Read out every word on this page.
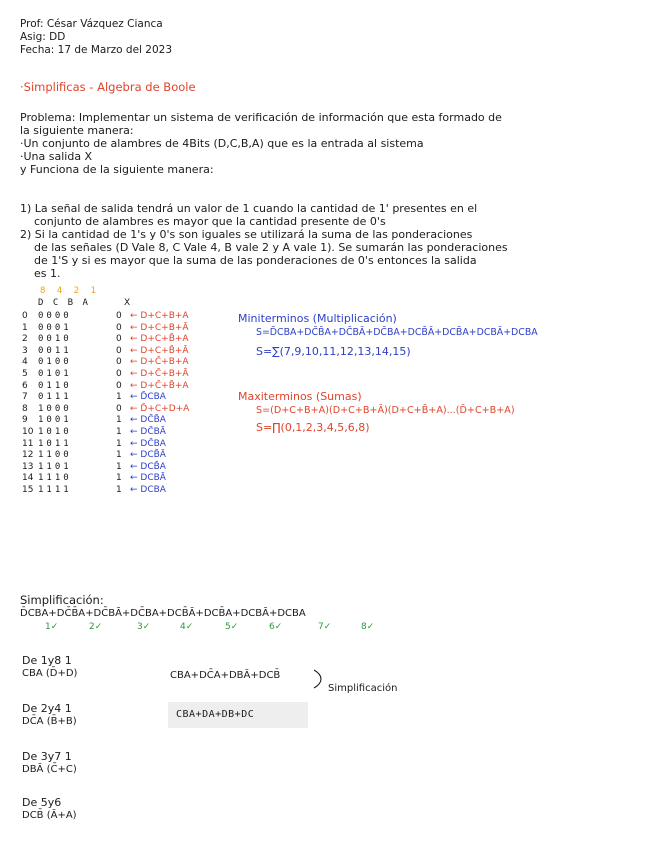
Prof: César Vázquez Cianca
Asig: DD
Fecha: 17 de Marzo del 2023
·Simplificas - Algebra de Boole
Problema: Implementar un sistema de verificación de información que esta formado de
la siguiente manera:
·Un conjunto de alambres de 4Bits (D,C,B,A) que es la entrada al sistema
·Una salida X
y Funciona de la siguiente manera:
1) La señal de salida tendrá un valor de 1 cuando la cantidad de 1' presentes en el
conjunto de alambres es mayor que la cantidad presente de 0's
2) Si la cantidad de 1's y 0's son iguales se utilizará la suma de las ponderaciones
de las señales (D Vale 8, C Vale 4, B vale 2 y A vale 1). Se sumarán las ponderaciones
de 1'S y si es mayor que la suma de las ponderaciones de 0's entonces la salida
es 1.
8 4 2 1
D C B A	X
0	0000	0	← D+C+B+A
1	0001	0	← D+C+B+Ā
2	0010	0	← D+C+B̄+A
3	0011	0	← D+C+B̄+Ā
4	0100	0	← D+C̄+B+A
5	0101	0	← D+C̄+B+Ā
6	0110	0	← D+C̄+B̄+A
7	0111	1	← D̄CBA
8	1000	0	← D̄+C+D+A
9	1001	1	← DC̄B̄A
10	1010	1	← DC̄BĀ
11	1011	1	← DC̄BA
12	1100	1	← DCB̄Ā
13	1101	1	← DCB̄A
14	1110	1	← DCBĀ
15	1111	1	← DCBA
Miniterminos (Multiplicación)
S=D̄CBA+DC̄B̄A+DC̄BĀ+DC̄BA+DCB̄Ā+DCB̄A+DCBĀ+DCBA
S=∑(7,9,10,11,12,13,14,15)
Maxiterminos (Sumas)
S=(D+C+B+A)(D+C+B+Ā)(D+C+B̄+A)...(D̄+C+B+A)
S=∏(0,1,2,3,4,5,6,8)
Simplificación:
D̄CBA+DC̄B̄A+DC̄BĀ+DC̄BA+DCB̄Ā+DCB̄A+DCBĀ+DCBA
1✓	2✓	3✓	4✓	5✓	6✓	7✓	8✓
De 1y8 1
CBA (D̄+D)
De 2y4 1
DC̄A (B̄+B)
De 3y7 1
DBĀ (C̄+C)
De 5y6
DCB̄ (Ā+A)
CBA+DC̄A+DBĀ+DCB̄
Simplificación
CBA+DA+DB+DC
